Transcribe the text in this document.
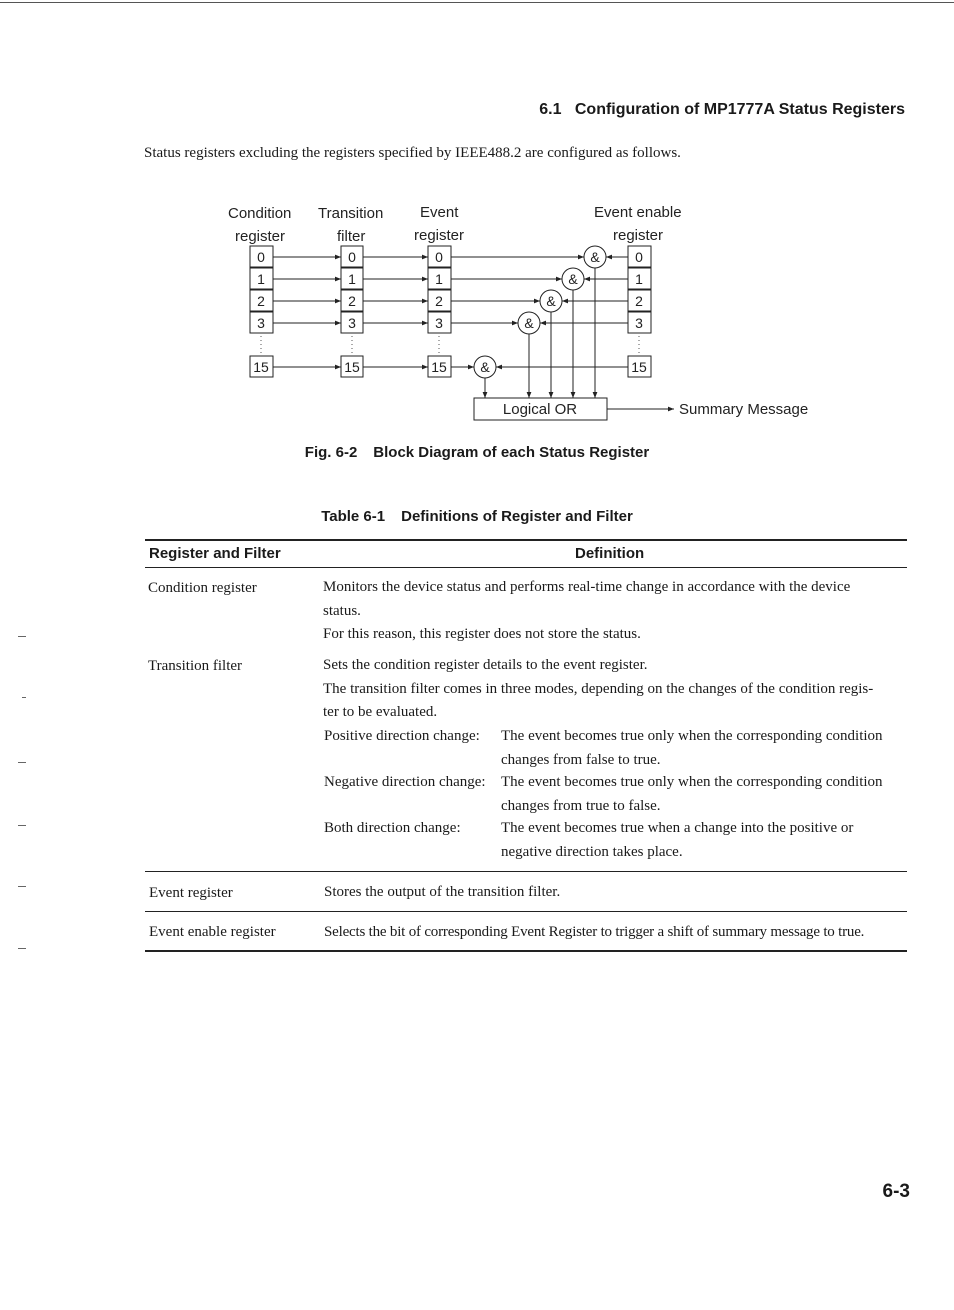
6.1 Configuration of MP1777A Status Registers
Status registers excluding the registers specified by IEEE488.2 are configured as follows.
Condition
register
Transition
filter
Event
register
Event enable
register
0
1
2
3
15
0
1
2
3
15
0
1
2
3
15
0
1
2
3
15
&
&
&
&
&
Logical OR	Summary Message
Fig. 6-2 Block Diagram of each Status Register
Table 6-1 Definitions of Register and Filter
Register and Filter	Definition
Condition register	Monitors the device status and performs real-time change in accordance with the device
status.
For this reason, this register does not store the status.
Transition filter	Sets the condition register details to the event register.
The transition filter comes in three modes, depending on the changes of the condition regis-
ter to be evaluated.
Positive direction change: The event becomes true only when the corresponding condition
changes from false to true.
Negative direction change: The event becomes true only when the corresponding condition
changes from true to false.
Both direction change:	The event becomes true when a change into the positive or
negative direction takes place.
Event register	Stores the output of the transition filter.
Event enable register	Selects the bit of corresponding Event Register to trigger a shift of summary message to true.
6-3
